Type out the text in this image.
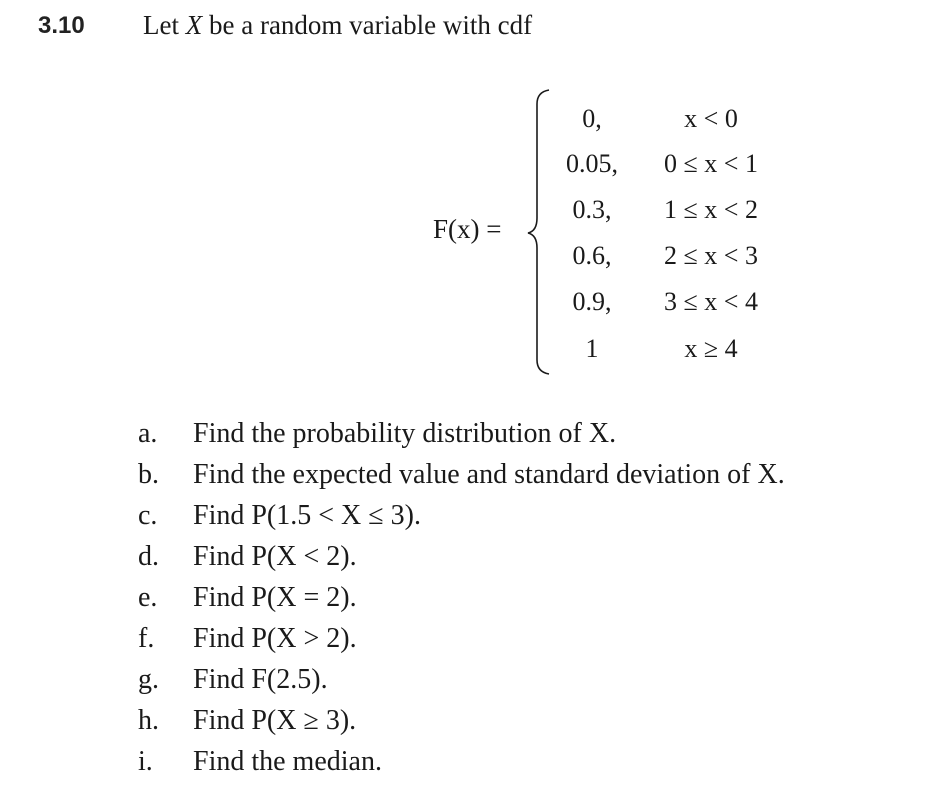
3.10 Let X be a random variable with cdf
F(x) =
0,	x < 0
0.05,	0 ≤ x < 1
0.3,	1 ≤ x < 2
0.6,	2 ≤ x < 3
0.9,	3 ≤ x < 4
1	x ≥ 4
a. Find the probability distribution of X.
b. Find the expected value and standard deviation of X.
c. Find P(1.5 < X ≤ 3).
d. Find P(X < 2).
e. Find P(X = 2).
f. Find P(X > 2).
g. Find F(2.5).
h. Find P(X ≥ 3).
i. Find the median.
